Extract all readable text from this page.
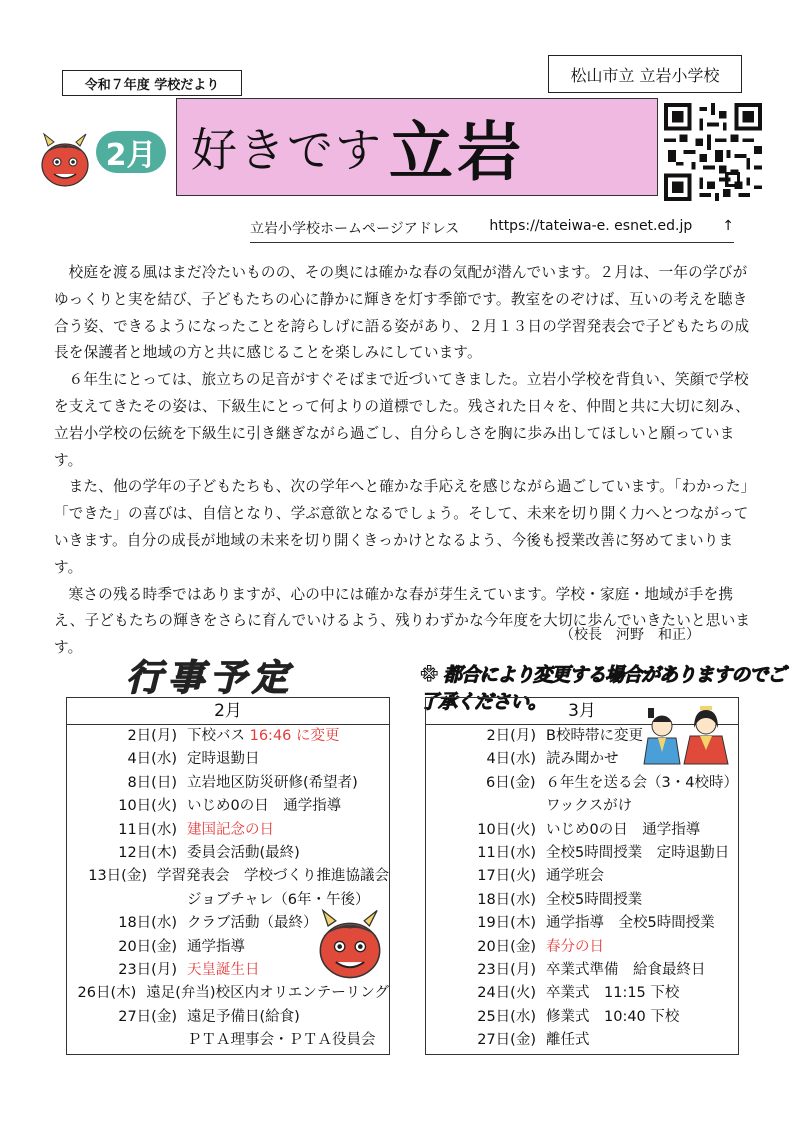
令和７年度 学校だより
松山市立 立岩小学校
2月 好きです 立岩
立岩小学校ホームページアドレス https://tateiwa-e. esnet.ed.jp ↑

校庭を渡る風はまだ冷たいものの、その奥には確かな春の気配が潜んでいます。２月は、一年の学びがゆっくりと実を結び、子どもたちの心に静かに輝きを灯す季節です。教室をのぞけば、互いの考えを聴き合う姿、できるようになったことを誇らしげに語る姿があり、２月１３日の学習発表会で子どもたちの成長を保護者と地域の方と共に感じることを楽しみにしています。

６年生にとっては、旅立ちの足音がすぐそばまで近づいてきました。立岩小学校を背負い、笑顔で学校を支えてきたその姿は、下級生にとって何よりの道標でした。残された日々を、仲間と共に大切に刻み、立岩小学校の伝統を下級生に引き継ぎながら過ごし、自分らしさを胸に歩み出してほしいと願っています。

また、他の学年の子どもたちも、次の学年へと確かな手応えを感じながら過ごしています。「わかった」「できた」の喜びは、自信となり、学ぶ意欲となるでしょう。そして、未来を切り開く力へとつながっていきます。自分の成長が地域の未来を切り開くきっかけとなるよう、今後も授業改善に努めてまいります。

寒さの残る時季ではありますが、心の中には確かな春が芽生えています。学校・家庭・地域が手を携え、子どもたちの輝きをさらに育んでいけるよう、残りわずかな今年度を大切に歩んでいきたいと思います。

（校長　河野　和正）
行事予定	※ 都合により変更する場合がありますのでご了承ください。
2月
2日(月) 下校バス 16:46 に変更
4日(水) 定時退勤日
8日(日) 立岩地区防災研修(希望者)
10日(火) いじめ0の日　通学指導
11日(水) 建国記念の日
12日(木) 委員会活動(最終)
13日(金) 学習発表会　学校づくり推進協議会
ジョブチャレ（6年・午後）
18日(水) クラブ活動（最終）
20日(金) 通学指導
23日(月) 天皇誕生日
26日(木) 遠足(弁当)校区内オリエンテーリング
27日(金) 遠足予備日(給食)
ＰＴＡ理事会・ＰＴＡ役員会
3月
2日(月) B校時帯に変更
4日(水) 読み聞かせ
6日(金) ６年生を送る会（3・4校時）
ワックスがけ
10日(火) いじめ0の日　通学指導
11日(水) 全校5時間授業　定時退勤日
17日(火) 通学班会
18日(水) 全校5時間授業
19日(木) 通学指導　全校5時間授業
20日(金) 春分の日
23日(月) 卒業式準備　給食最終日
24日(火) 卒業式　11:15 下校
25日(水) 修業式　10:40 下校
27日(金) 離任式
